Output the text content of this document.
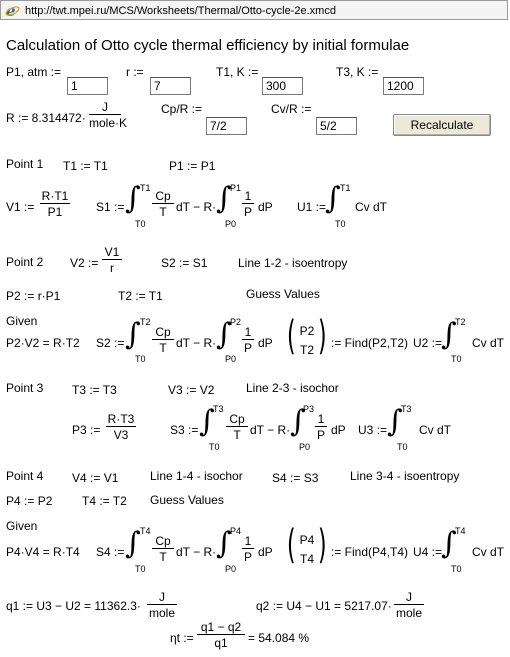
e http://twt.mpei.ru/MCS/Worksheets/Thermal/Otto-cycle-2e.xmcd
Calculation of Otto cycle thermal efficiency by initial formulae
P1, atm :=
1
r :=
7
T1, K :=
300
T3, K :=
1200
R := 8.314472·
J
mole·K
Cp/R :=
7/2
Cv/R :=
5/2	Recalculate
Point 1 T1 := T1	P1 := P1
V1 := $\frac{R\cdot T1}{P1} S1$ := ∫ T1
T0
$\frac{Cp}{T}$ dT − R· ∫
P1
P0
$\frac{1}{P}$ dP U1 :=
∫ T1
T0
Cv dT
Point 2 V2 := $\frac{V1}{r}$	S2 := S1	Line 1-2 - isoentropy
P2 := r·P1	T2 := T1	Guess Values
Given
P2·V2 = R·T2 S2 := ∫ T2
T0
$\frac{Cp}{T}$ dT − R· ∫
P2
P0
$\frac{1}{P}$ dP ( P2
T2 ) := Find(P2,T2) U2 :=
∫
T2
T0
Cv dT
Point 3 T3 := T3	V3 := V2	Line 2-3 - isochor
P3 := $\frac{R\cdot T3}{V3}$	S3 := ∫
T3
T0
$\frac{Cp}{T}$ dT − R· ∫
P3
P0
$\frac{1}{P}$ dP U3 := ∫
T3
T0
Cv dT
Point 4 V4 := V1	Line 1-4 - isochor S4 := S3	Line 3-4 - isoentropy
P4 := P2 T4 := T2 Guess Values
Given
P4·V4 = R·T4 S4 := ∫ T4
T0
$\frac{Cp}{T}$ dT − R· ∫
P4
P0
$\frac{1}{P}$ dP ( P4
T4 ) := Find(P4,T4) U4 :=
∫
T4
T0
Cv dT
q1 := U3 − U2 = 11362.3·
J
mole	q2 := U4 − U1 = 5217.07·
J
mole
ηt := $\frac{q1 - q2}{q1} = 54.084$ %
